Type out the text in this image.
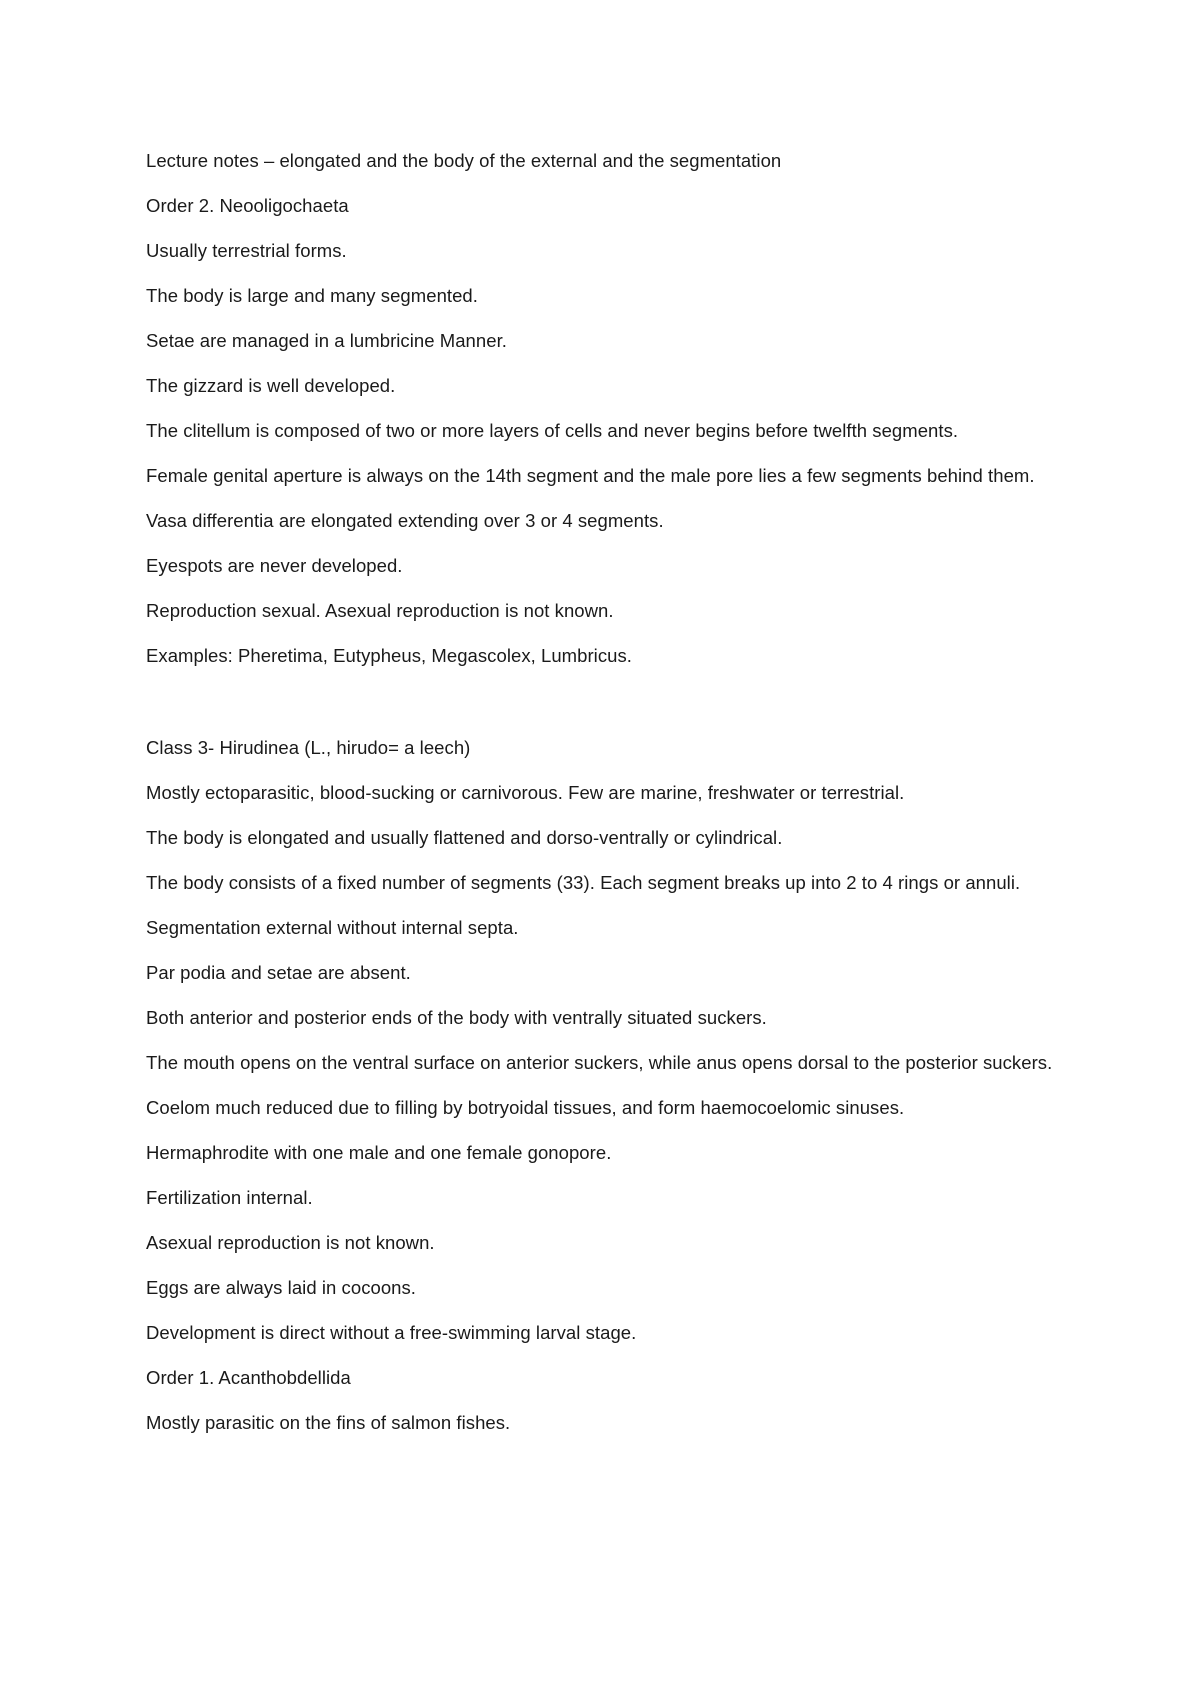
Lecture notes – elongated and the body of the external and the segmentation

Order 2. Neooligochaeta

Usually terrestrial forms.

The body is large and many segmented.

Setae are managed in a lumbricine Manner.

The gizzard is well developed.

The clitellum is composed of two or more layers of cells and never begins before twelfth segments.

Female genital aperture is always on the 14th segment and the male pore lies a few segments behind them.

Vasa differentia are elongated extending over 3 or 4 segments.

Eyespots are never developed.

Reproduction sexual. Asexual reproduction is not known.

Examples: Pheretima, Eutypheus, Megascolex, Lumbricus.

Class 3- Hirudinea (L., hirudo= a leech)

Mostly ectoparasitic, blood-sucking or carnivorous. Few are marine, freshwater or terrestrial.

The body is elongated and usually flattened and dorso-ventrally or cylindrical.

The body consists of a fixed number of segments (33). Each segment breaks up into 2 to 4 rings or annuli.

Segmentation external without internal septa.

Par podia and setae are absent.

Both anterior and posterior ends of the body with ventrally situated suckers.

The mouth opens on the ventral surface on anterior suckers, while anus opens dorsal to the posterior suckers.

Coelom much reduced due to filling by botryoidal tissues, and form haemocoelomic sinuses.

Hermaphrodite with one male and one female gonopore.

Fertilization internal.

Asexual reproduction is not known.

Eggs are always laid in cocoons.

Development is direct without a free-swimming larval stage.

Order 1. Acanthobdellida

Mostly parasitic on the fins of salmon fishes.
